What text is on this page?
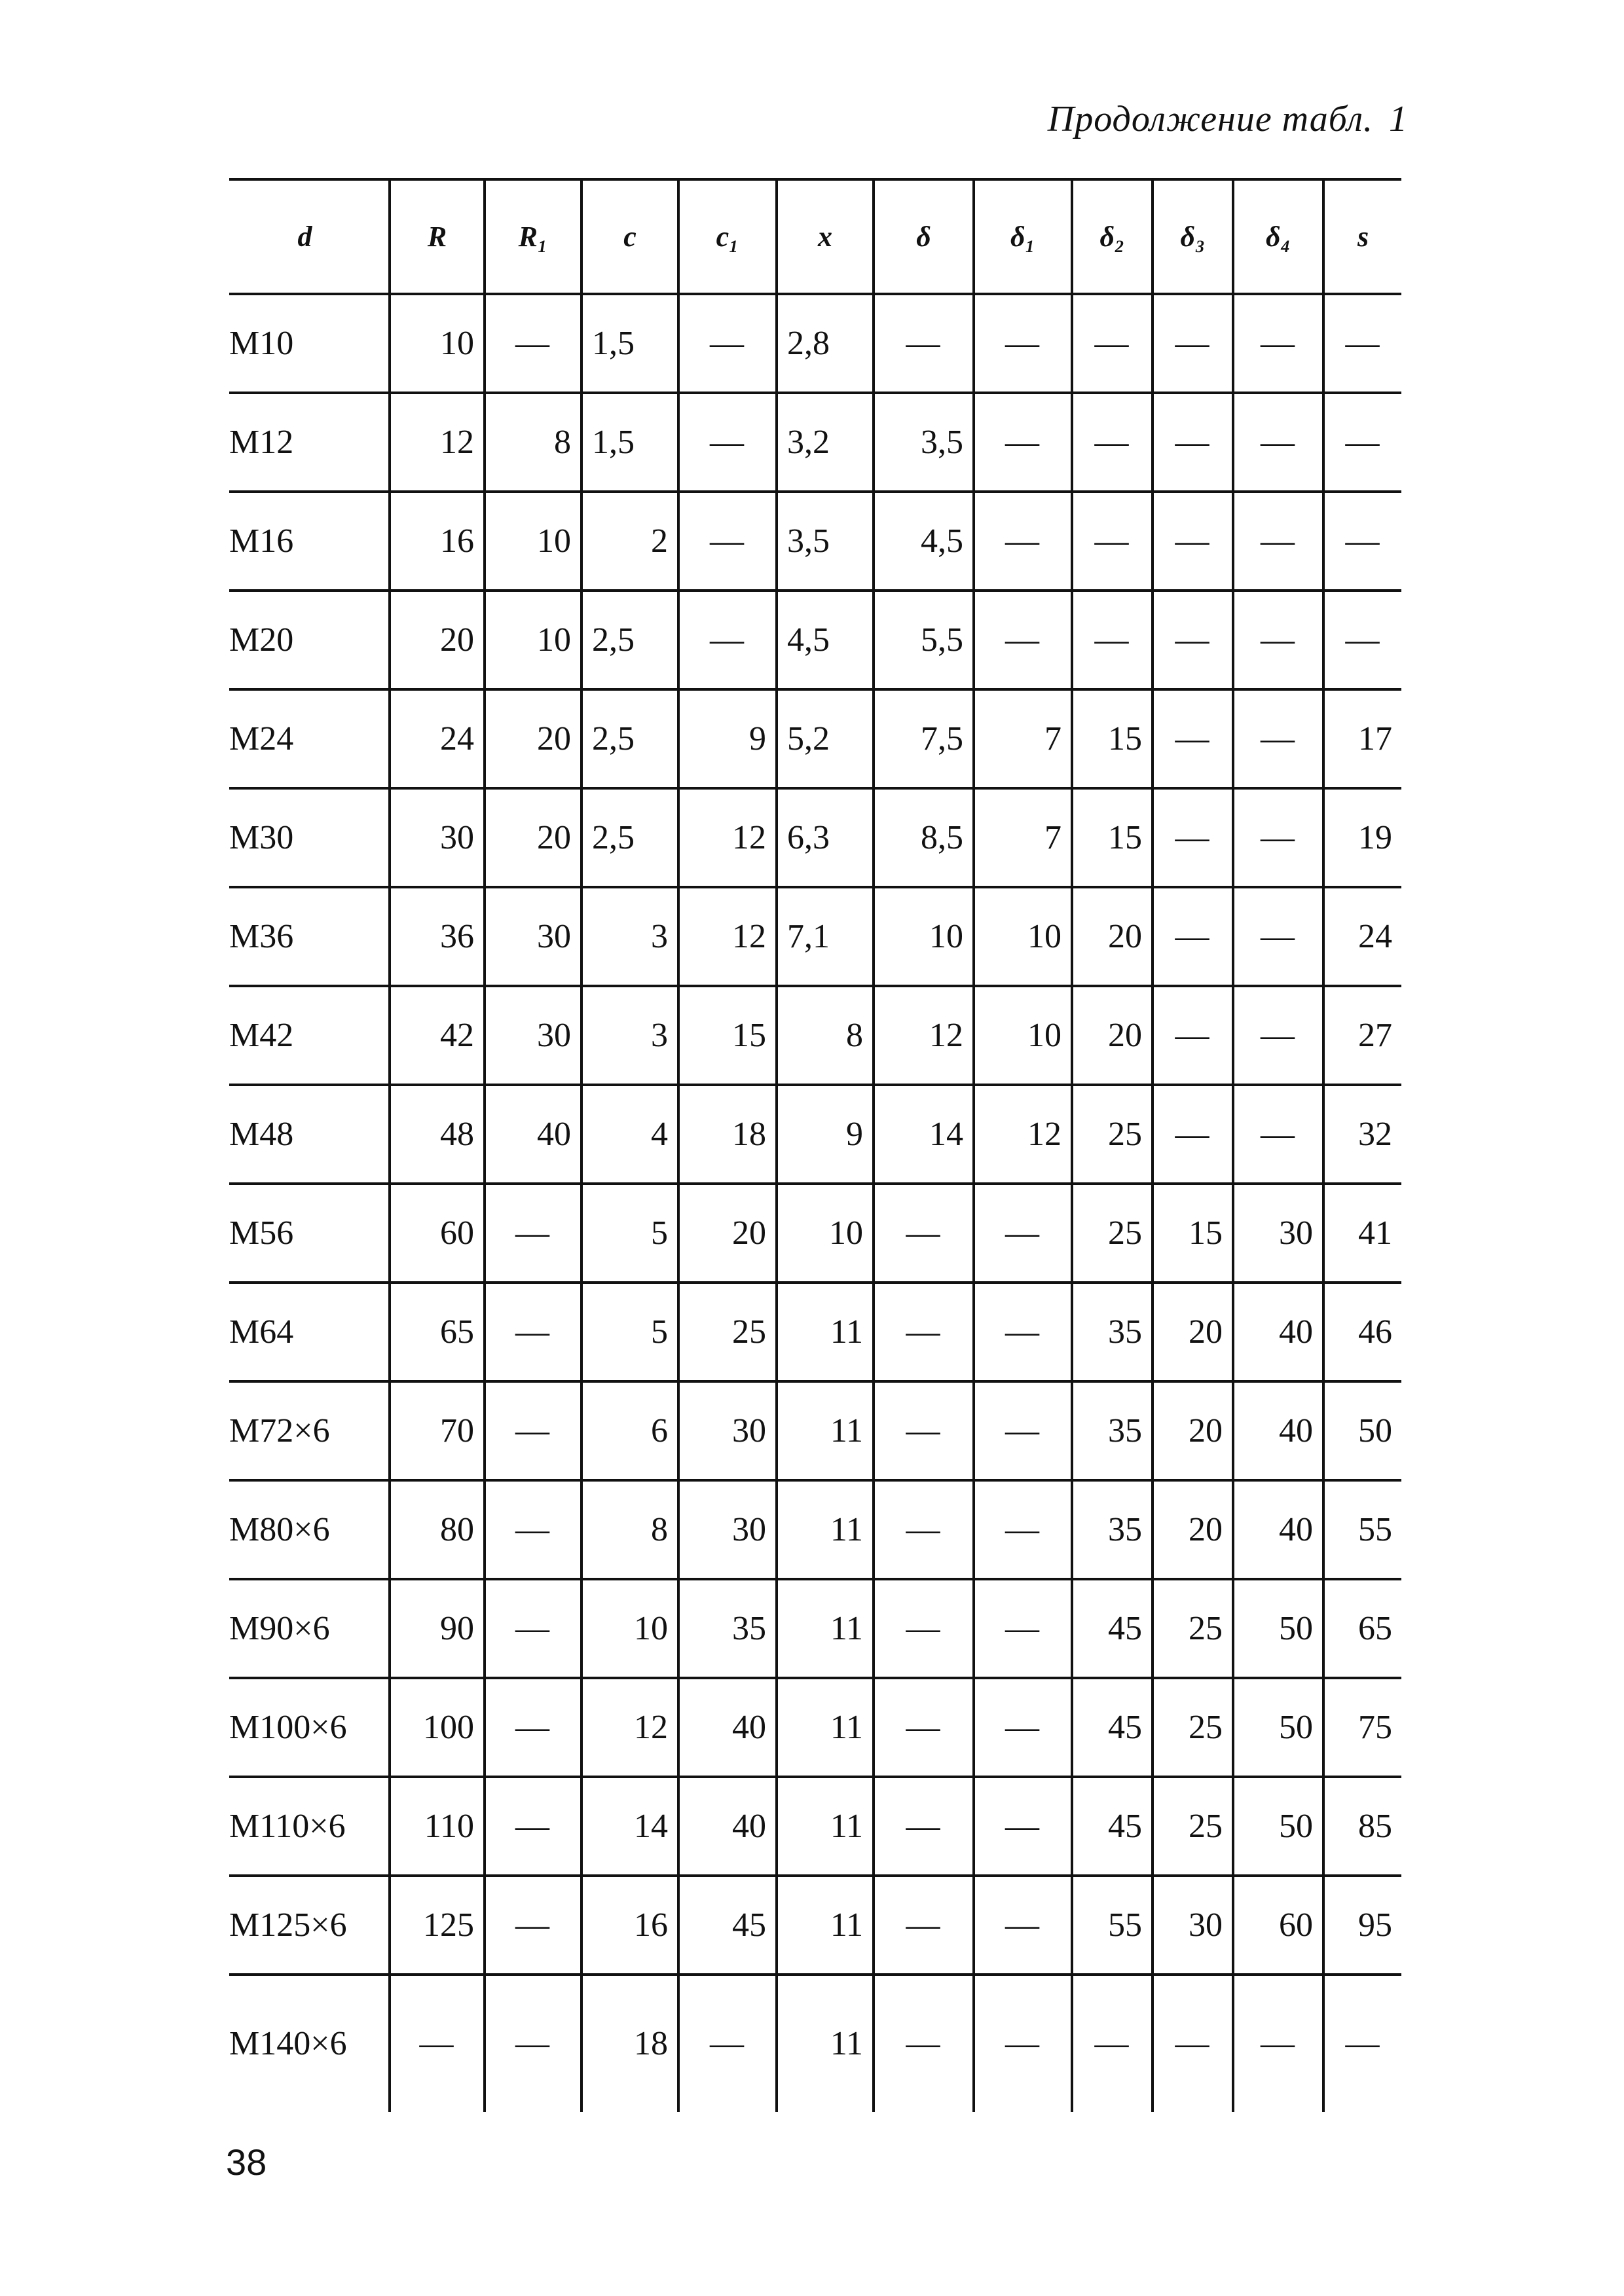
Продолжение табл. 1
d	R	R₁	c	c₁	x	δ	δ₁	δ₂	δ₃	δ₄	s
M10	10	—	1,5	—	2,8	—	—	—	—	—	—
M12	12	8	1,5	—	3,2	3,5	—	—	—	—	—
M16	16	10	2	—	3,5	4,5	—	—	—	—	—
M20	20	10	2,5	—	4,5	5,5	—	—	—	—	—
M24	24	20	2,5	9	5,2	7,5	7	15	—	—	17
M30	30	20	2,5	12	6,3	8,5	7	15	—	—	19
M36	36	30	3	12	7,1	10	10	20	—	—	24
M42	42	30	3	15	8	12	10	20	—	—	27
M48	48	40	4	18	9	14	12	25	—	—	32
M56	60	—	5	20	10	—	—	25	15	30	41
M64	65	—	5	25	11	—	—	35	20	40	46
M72×6	70	—	6	30	11	—	—	35	20	40	50
M80×6	80	—	8	30	11	—	—	35	20	40	55
M90×6	90	—	10	35	11	—	—	45	25	50	65
M100×6	100	—	12	40	11	—	—	45	25	50	75
M110×6	110	—	14	40	11	—	—	45	25	50	85
M125×6	125	—	16	45	11	—	—	55	30	60	95
M140×6	—	—	18	—	11	—	—	—	—	—	—
38
